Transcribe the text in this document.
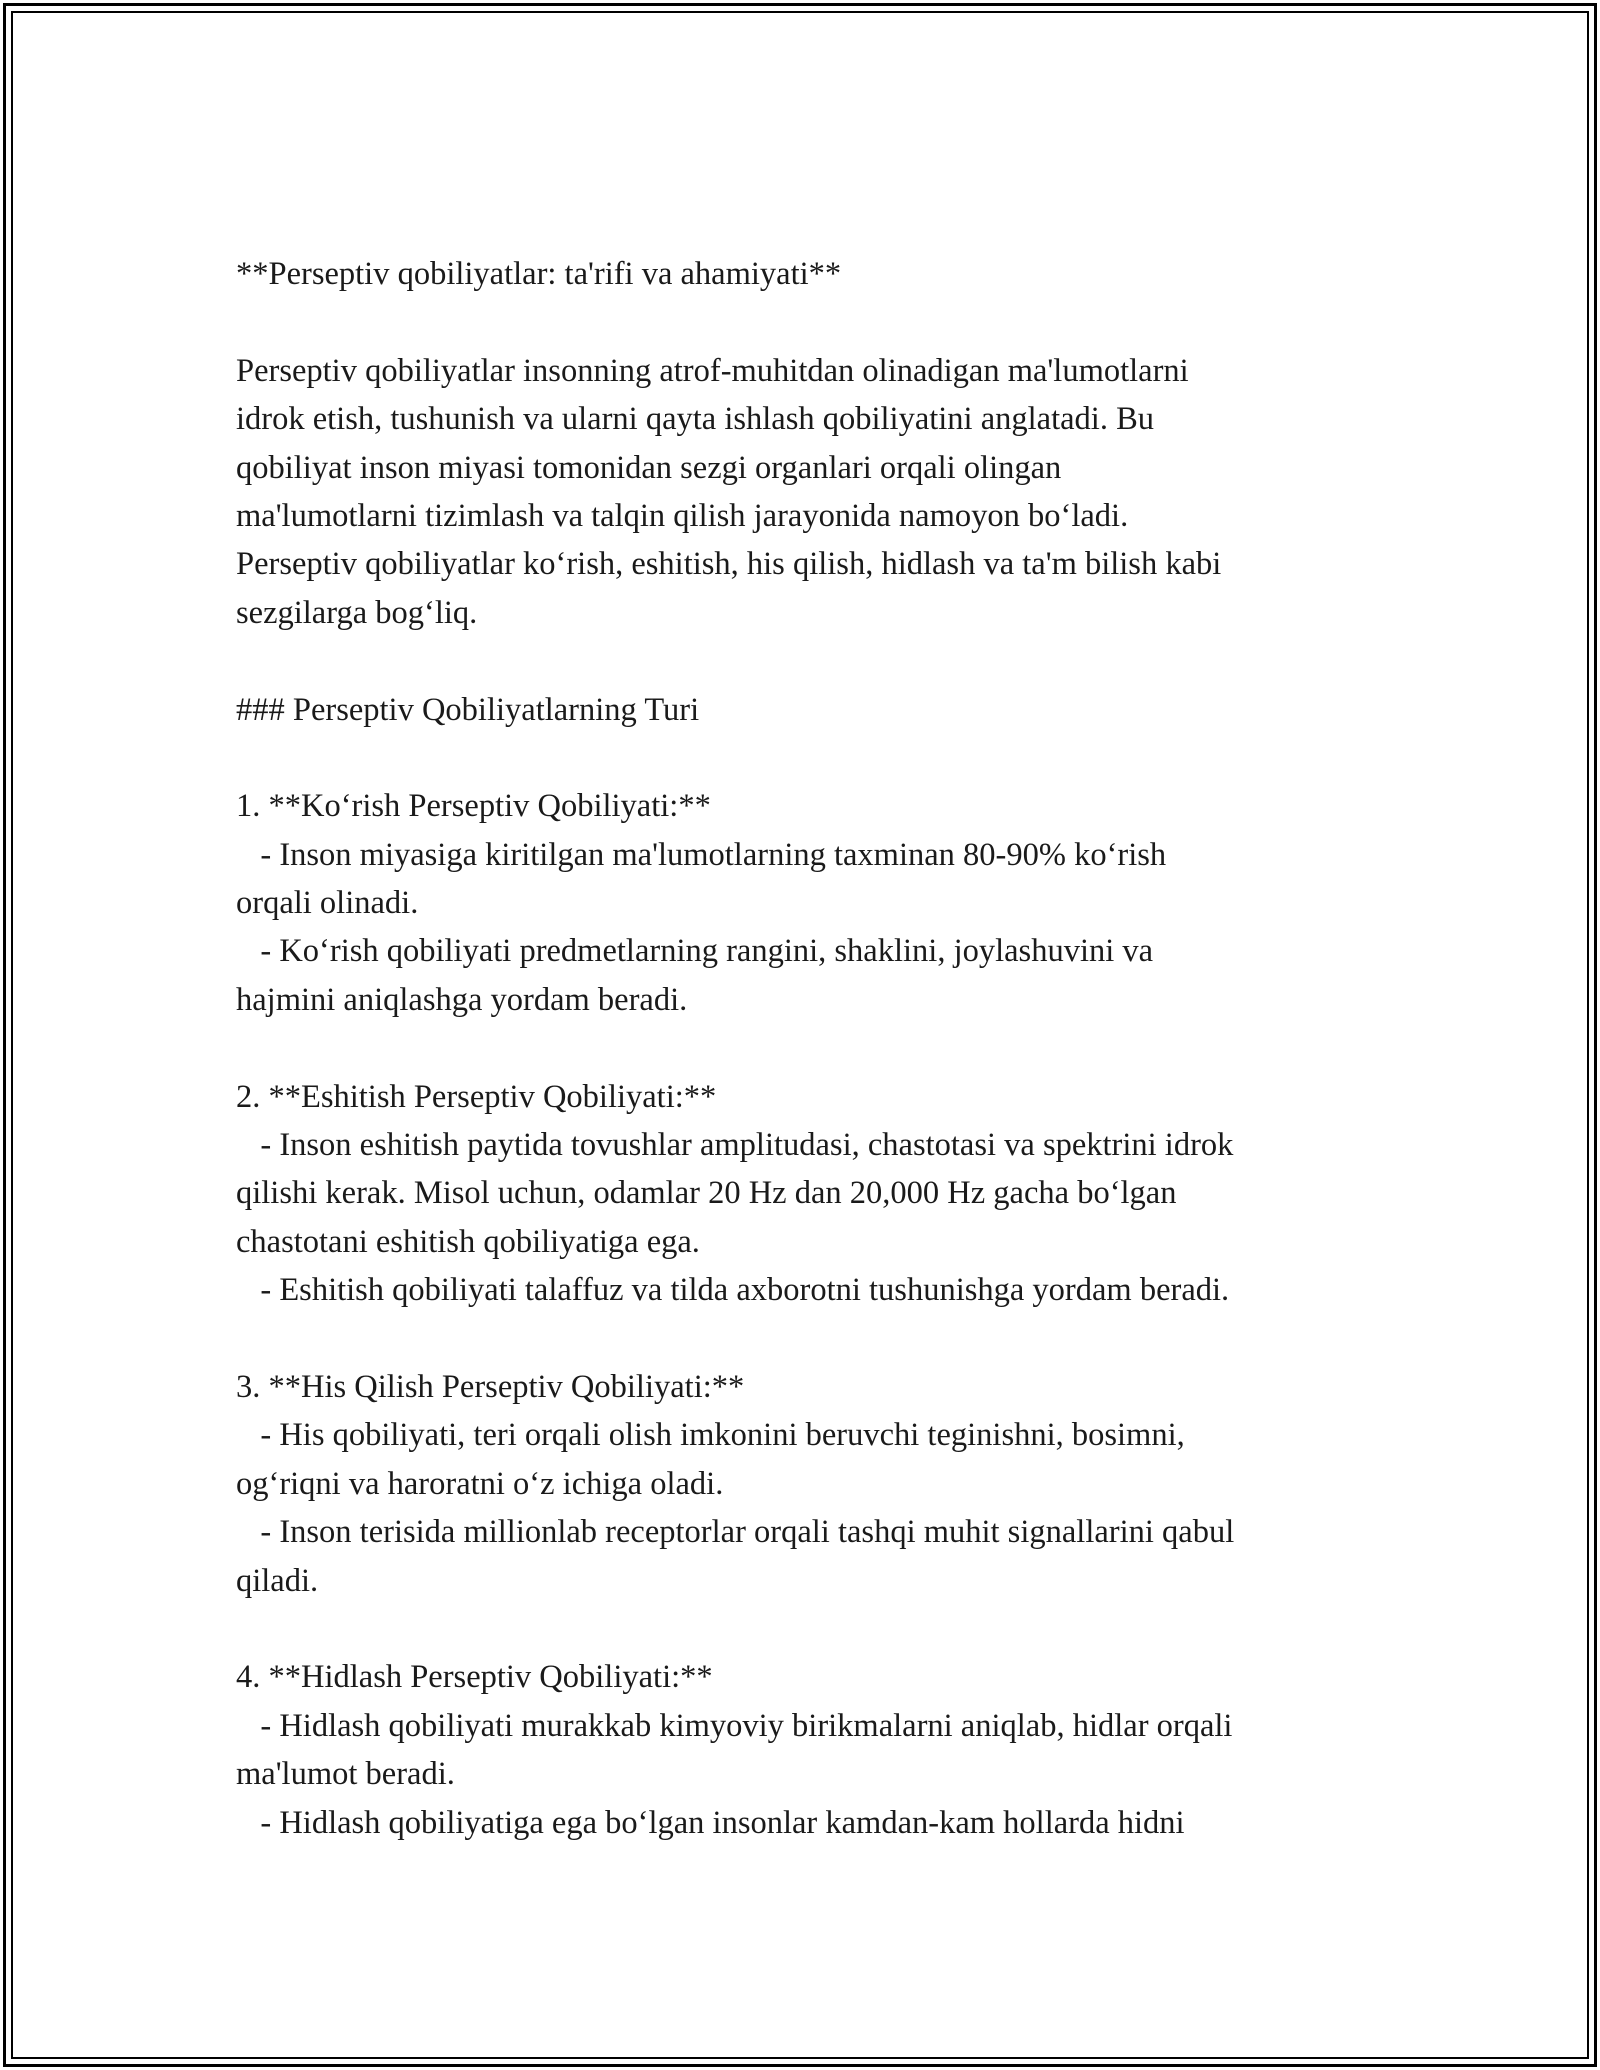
**Perseptiv qobiliyatlar: ta'rifi va ahamiyati**
Perseptiv qobiliyatlar insonning atrof-muhitdan olinadigan ma'lumotlarni
idrok etish, tushunish va ularni qayta ishlash qobiliyatini anglatadi. Bu
qobiliyat inson miyasi tomonidan sezgi organlari orqali olingan
ma'lumotlarni tizimlash va talqin qilish jarayonida namoyon bo‘ladi.
Perseptiv qobiliyatlar ko‘rish, eshitish, his qilish, hidlash va ta'm bilish kabi
sezgilarga bog‘liq.
### Perseptiv Qobiliyatlarning Turi
1. **Ko‘rish Perseptiv Qobiliyati:**
- Inson miyasiga kiritilgan ma'lumotlarning taxminan 80-90% ko‘rish
orqali olinadi.
- Ko‘rish qobiliyati predmetlarning rangini, shaklini, joylashuvini va
hajmini aniqlashga yordam beradi.
2. **Eshitish Perseptiv Qobiliyati:**
- Inson eshitish paytida tovushlar amplitudasi, chastotasi va spektrini idrok
qilishi kerak. Misol uchun, odamlar 20 Hz dan 20,000 Hz gacha bo‘lgan
chastotani eshitish qobiliyatiga ega.
- Eshitish qobiliyati talaffuz va tilda axborotni tushunishga yordam beradi.
3. **His Qilish Perseptiv Qobiliyati:**
- His qobiliyati, teri orqali olish imkonini beruvchi teginishni, bosimni,
og‘riqni va haroratni o‘z ichiga oladi.
- Inson terisida millionlab receptorlar orqali tashqi muhit signallarini qabul
qiladi.
4. **Hidlash Perseptiv Qobiliyati:**
- Hidlash qobiliyati murakkab kimyoviy birikmalarni aniqlab, hidlar orqali
ma'lumot beradi.
- Hidlash qobiliyatiga ega bo‘lgan insonlar kamdan-kam hollarda hidni
